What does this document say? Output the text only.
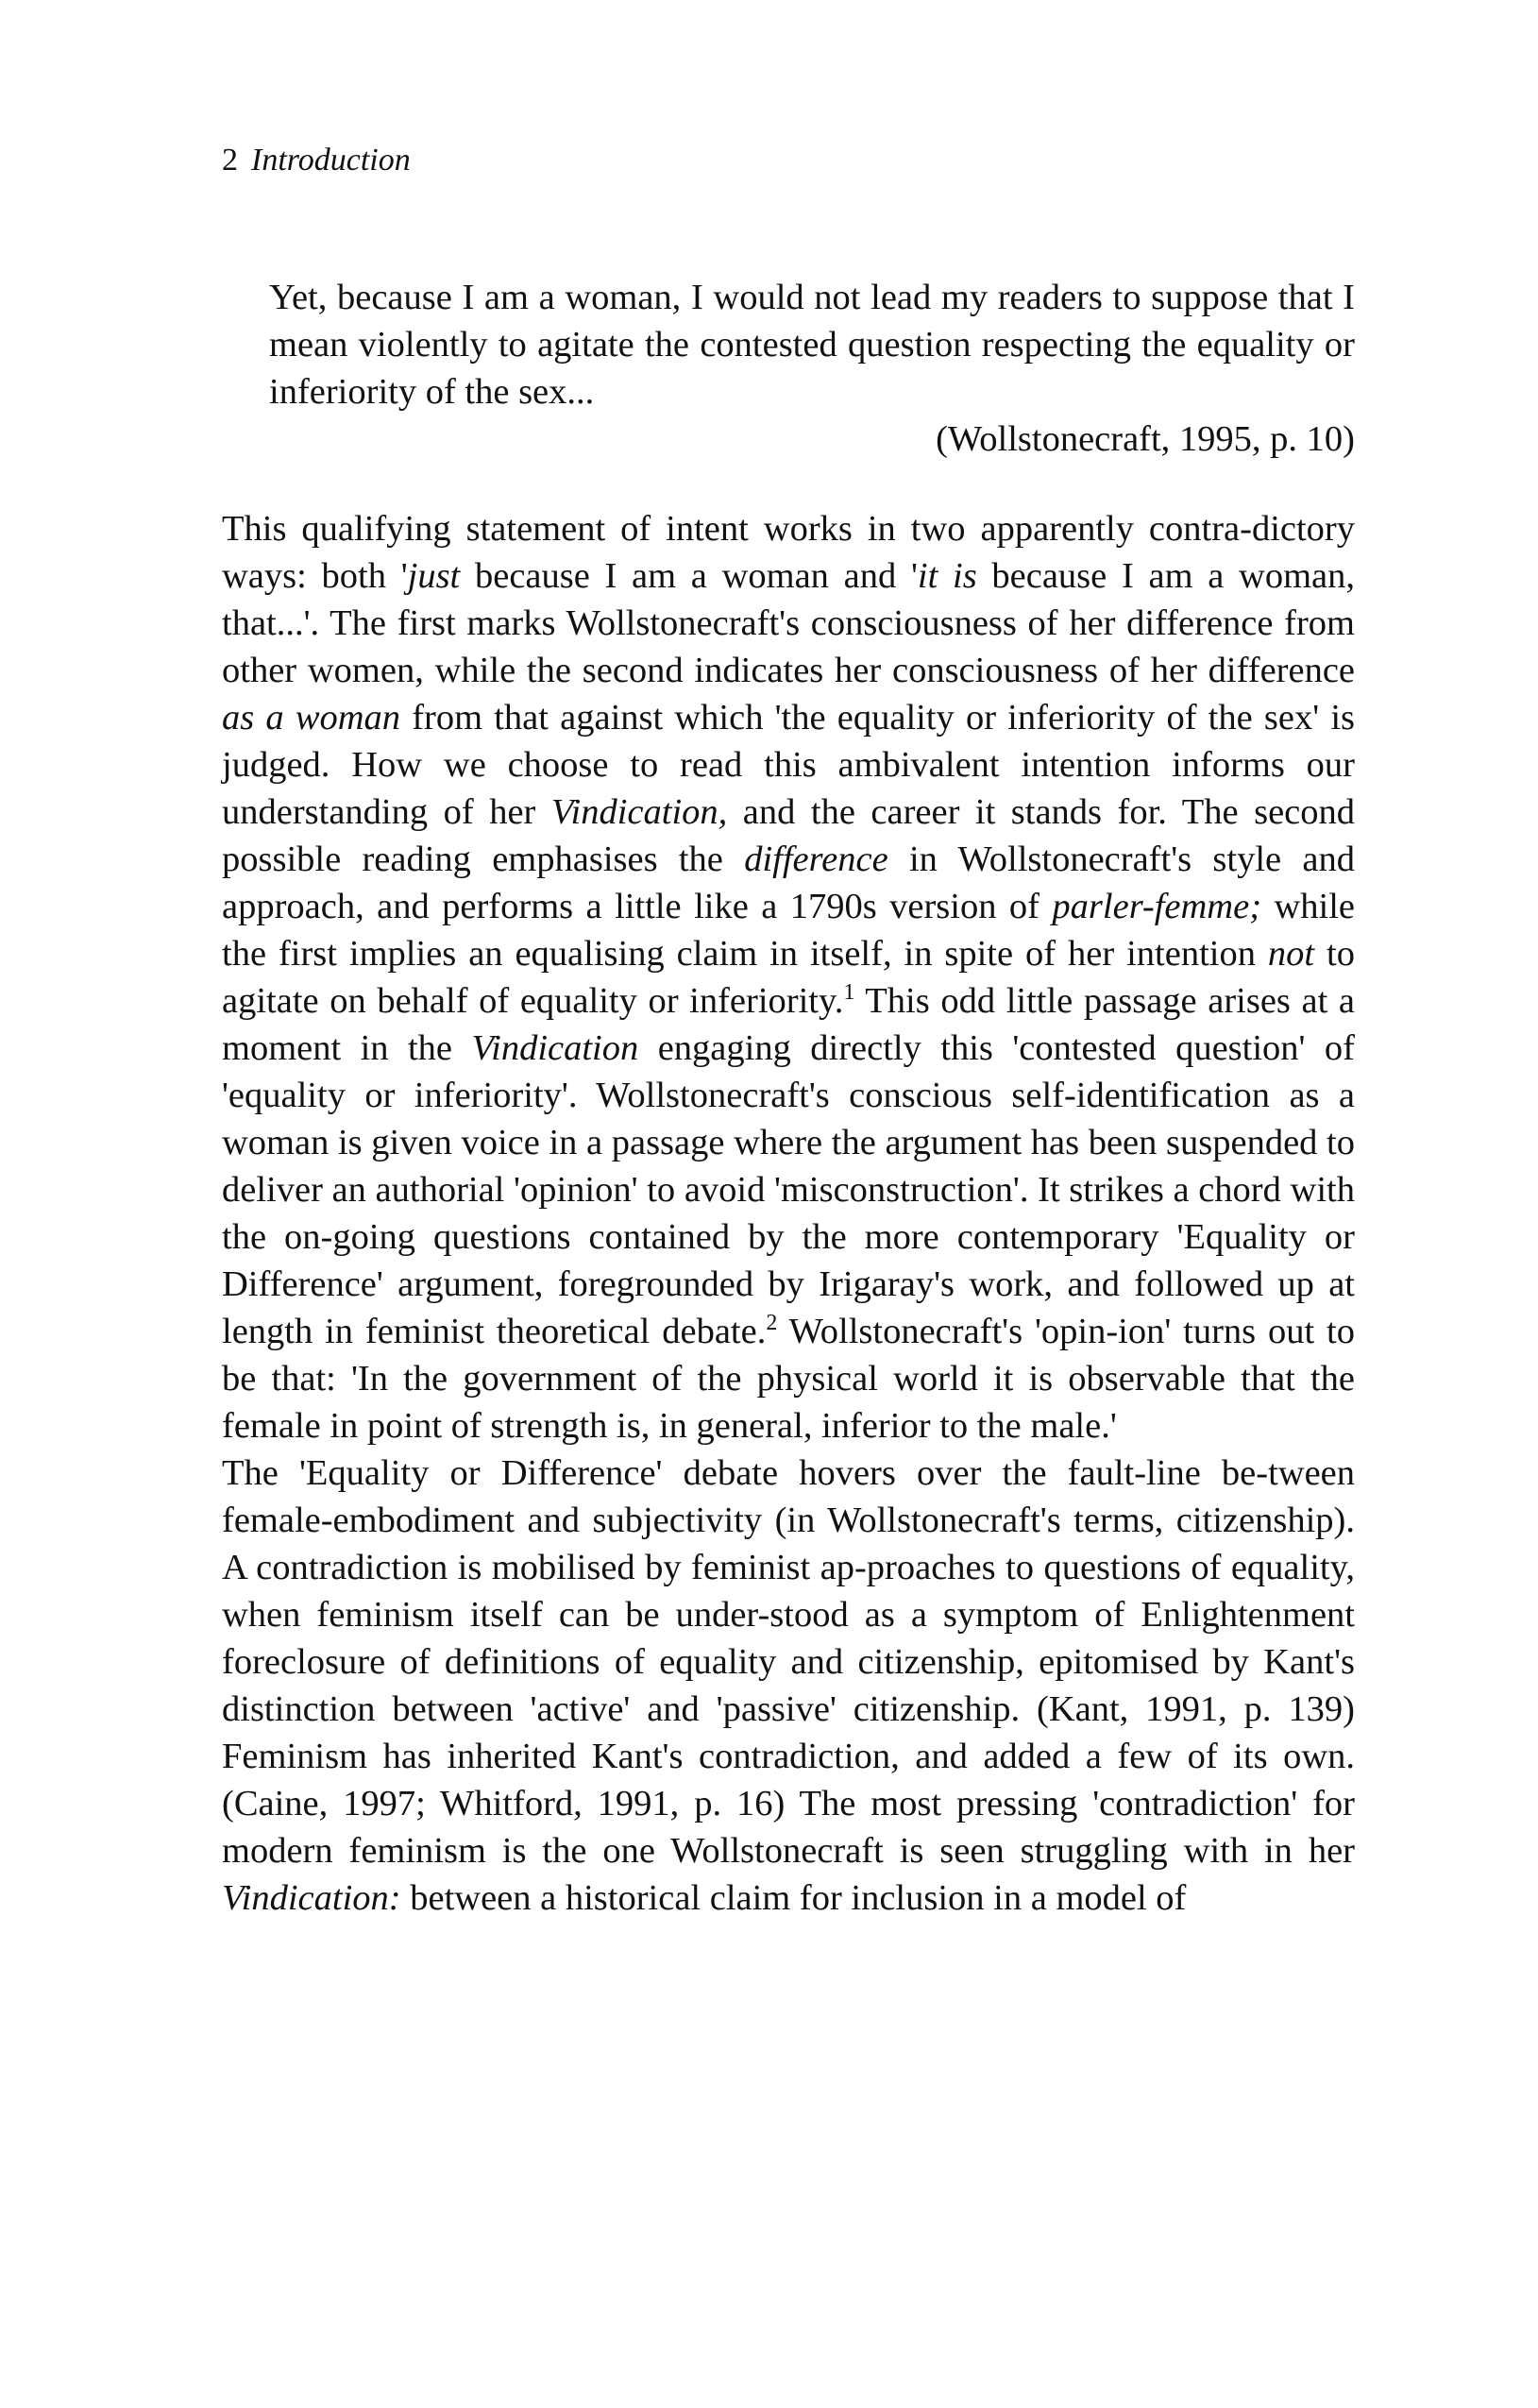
2 Introduction
Yet, because I am a woman, I would not lead my readers to suppose that I mean violently to agitate the contested question respecting the equality or inferiority of the sex...
(Wollstonecraft, 1995, p. 10)

This qualifying statement of intent works in two apparently contra-dictory ways: both 'just because I am a woman and 'it is because I am a woman, that...'. The first marks Wollstonecraft's consciousness of her difference from other women, while the second indicates her consciousness of her difference as a woman from that against which 'the equality or inferiority of the sex' is judged. How we choose to read this ambivalent intention informs our understanding of her Vindication, and the career it stands for. The second possible reading emphasises the difference in Wollstonecraft's style and approach, and performs a little like a 1790s version of parler-femme; while the first implies an equalising claim in itself, in spite of her intention not to agitate on behalf of equality or inferiority.$^1$ This odd little passage arises at a moment in the Vindication engaging directly this 'contested question' of 'equality or inferiority'. Wollstonecraft's conscious self-identification as a woman is given voice in a passage where the argument has been suspended to deliver an authorial 'opinion' to avoid 'misconstruction'. It strikes a chord with the on-going questions contained by the more contemporary 'Equality or Difference' argument, foregrounded by Irigaray's work, and followed up at length in feminist theoretical debate.$^2$ Wollstonecraft's 'opin-ion' turns out to be that: 'In the government of the physical world it is observable that the female in point of strength is, in general, inferior to the male.'

The 'Equality or Difference' debate hovers over the fault-line be-tween female-embodiment and subjectivity (in Wollstonecraft's terms, citizenship). A contradiction is mobilised by feminist ap-proaches to questions of equality, when feminism itself can be under-stood as a symptom of Enlightenment foreclosure of definitions of equality and citizenship, epitomised by Kant's distinction between 'active' and 'passive' citizenship. (Kant, 1991, p. 139) Feminism has inherited Kant's contradiction, and added a few of its own. (Caine, 1997; Whitford, 1991, p. 16) The most pressing 'contradiction' for modern feminism is the one Wollstonecraft is seen struggling with in her Vindication: between a historical claim for inclusion in a model of
